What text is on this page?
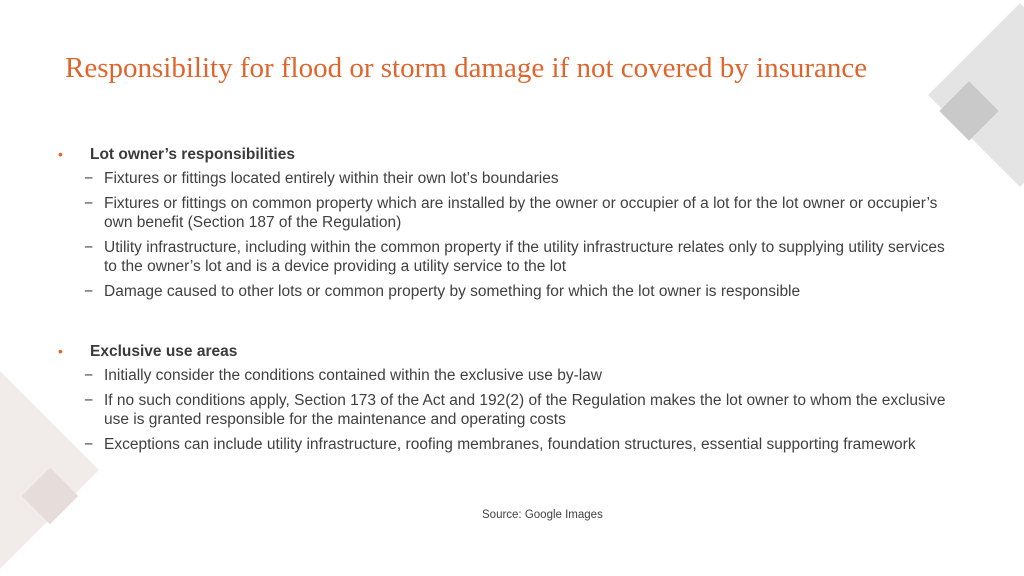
Responsibility for flood or storm damage if not covered by insurance
•	Lot owner’s responsibilities
− Fixtures or fittings located entirely within their own lot’s boundaries
− Fixtures or fittings on common property which are installed by the owner or occupier of a lot for the lot owner or occupier’s own benefit (Section 187 of the Regulation)
− Utility infrastructure, including within the common property if the utility infrastructure relates only to supplying utility services to the owner’s lot and is a device providing a utility service to the lot
− Damage caused to other lots or common property by something for which the lot owner is responsible
•	Exclusive use areas
− Initially consider the conditions contained within the exclusive use by-law
− If no such conditions apply, Section 173 of the Act and 192(2) of the Regulation makes the lot owner to whom the exclusive use is granted responsible for the maintenance and operating costs
− Exceptions can include utility infrastructure, roofing membranes, foundation structures, essential supporting framework
Source: Google Images
